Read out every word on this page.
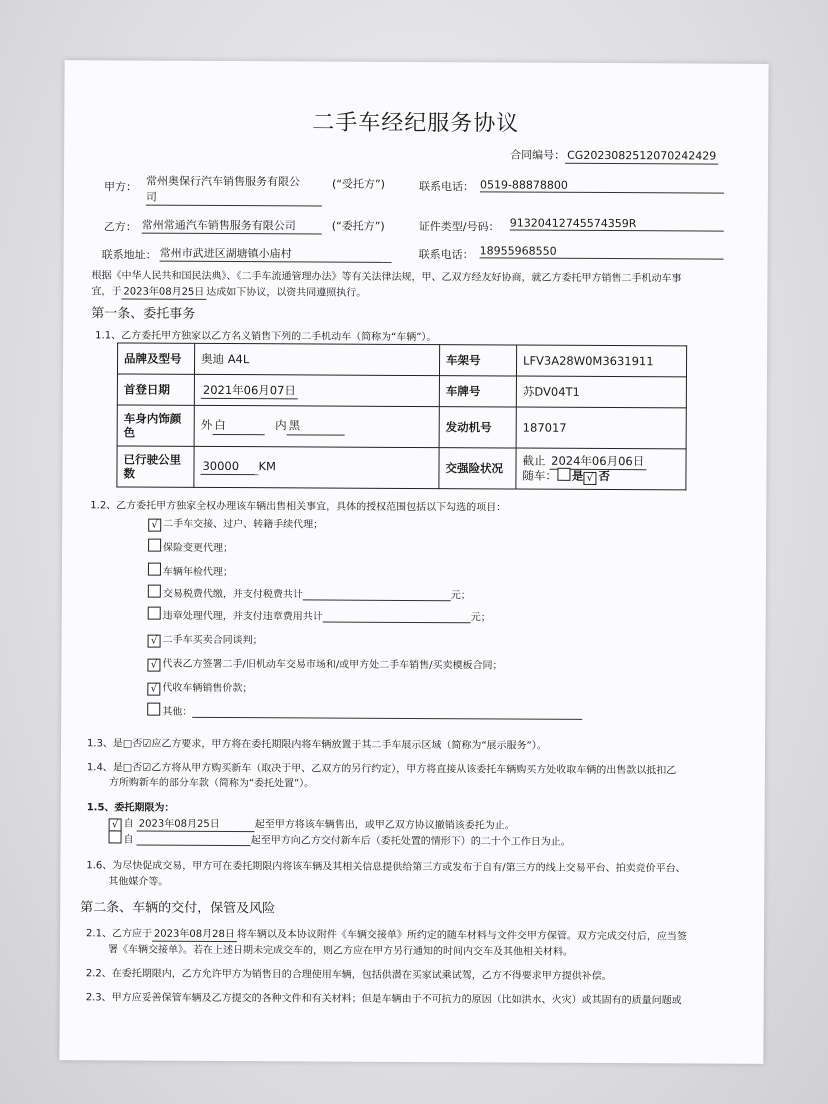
二手车经纪服务协议
合同编号： CG2023082512070242429
甲方： 常州奥保行汽车销售服务有限公
司
(“受托方”)	联系电话： 0519-88878800
乙方： 常州常通汽车销售服务有限公司	(“委托方”)	证件类型/号码： 91320412745574359R
联系地址： 常州市武进区湖塘镇小庙村	联系电话： 18955968550
根据《中华人民共和国民法典》、《二手车流通管理办法》等有关法律法规，甲、乙双方经友好协商，就乙方委托甲方销售二手机动车事
宜，于 2023年08月25日 达成如下协议，以资共同遵照执行。
第一条、委托事务
1.1、乙方委托甲方独家以乙方名义销售下列的二手机动车（简称为“车辆”）。
品牌及型号	奥迪 A4L	车架号	LFV3A28W0M3631911
首登日期	2021年06月07日	车牌号	苏DV04T1
车身内饰颜色	外 白 内 黑	发动机号	187017
已行驶公里数	30000 KM	交强险状况	截止 2024年06月06日
随车： 是 √ 否
1.2、乙方委托甲方独家全权办理该车辆出售相关事宜，具体的授权范围包括以下勾选的项目：
√ 二手车交接、过户、转籍手续代理；
保险变更代理；
车辆年检代理；
交易税费代缴，并支付税费共计	元；
违章处理代理，并支付违章费用共计	元；
√ 二手车买卖合同谈判；
√ 代表乙方签署二手/旧机动车交易市场和/或甲方处二手车销售/买卖模板合同；
√ 代收车辆销售价款；
其他：
1.3、是□否☑应乙方要求，甲方将在委托期限内将车辆放置于其二手车展示区域（简称为“展示服务”）。
1.4、是□否☑乙方将从甲方购买新车（取决于甲、乙双方的另行约定），甲方将直接从该委托车辆购买方处收取车辆的出售款以抵扣乙
方所购新车的部分车款（简称为“委托处置”）。
1.5、委托期限为：
√ 自 2023年08月25日	起至甲方将该车辆售出，或甲乙双方协议撤销该委托为止。
自	起至甲方向乙方交付新车后（委托处置的情形下）的二十个工作日为止。
1.6、为尽快促成交易，甲方可在委托期限内将该车辆及其相关信息提供给第三方或发布于自有/第三方的线上交易平台、拍卖竞价平台、
其他媒介等。
第二条、车辆的交付，保管及风险
2.1、乙方应于 2023年08月28日 将车辆以及本协议附件《车辆交接单》所约定的随车材料与文件交甲方保管。双方完成交付后，应当签
署《车辆交接单》。若在上述日期未完成交车的，则乙方应在甲方另行通知的时间内交车及其他相关材料。
2.2、在委托期限内，乙方允许甲方为销售目的合理使用车辆，包括供潜在买家试乘试驾，乙方不得要求甲方提供补偿。
2.3、甲方应妥善保管车辆及乙方提交的各种文件和有关材料；但是车辆由于不可抗力的原因（比如洪水、火灾）或其固有的质量问题或
